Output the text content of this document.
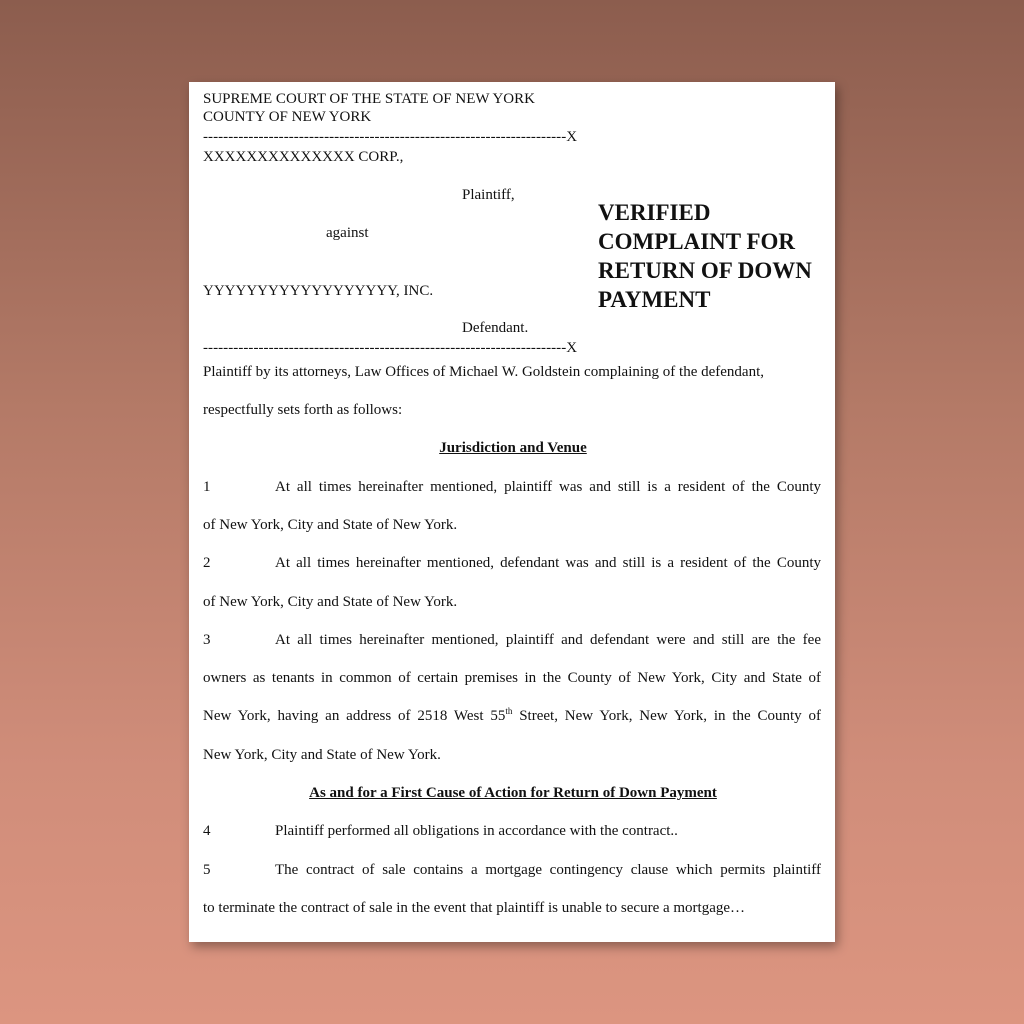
SUPREME COURT OF THE STATE OF NEW YORK
COUNTY OF NEW YORK
------------------------------------------------------------------------X
XXXXXXXXXXXXXX CORP.,
Plaintiff,
against
YYYYYYYYYYYYYYYYYY, INC.
Defendant.
------------------------------------------------------------------------X
VERIFIED
COMPLAINT FOR
RETURN OF DOWN
PAYMENT
Plaintiff by its attorneys, Law Offices of Michael W. Goldstein complaining of the defendant,
respectfully sets forth as follows:
Jurisdiction and Venue
1	At all times hereinafter mentioned, plaintiff was and still is a resident of the County
of New York, City and State of New York.
2	At all times hereinafter mentioned, defendant was and still is a resident of the County
of New York, City and State of New York.
3	At all times hereinafter mentioned, plaintiff and defendant were and still are the fee
owners as tenants in common of certain premises in the County of New York, City and State of
New York, having an address of 2518 West 55th Street, New York, New York, in the County of
New York, City and State of New York.
As and for a First Cause of Action for Return of Down Payment
4	Plaintiff performed all obligations in accordance with the contract..
5	The contract of sale contains a mortgage contingency clause which permits plaintiff
to terminate the contract of sale in the event that plaintiff is unable to secure a mortgage…
